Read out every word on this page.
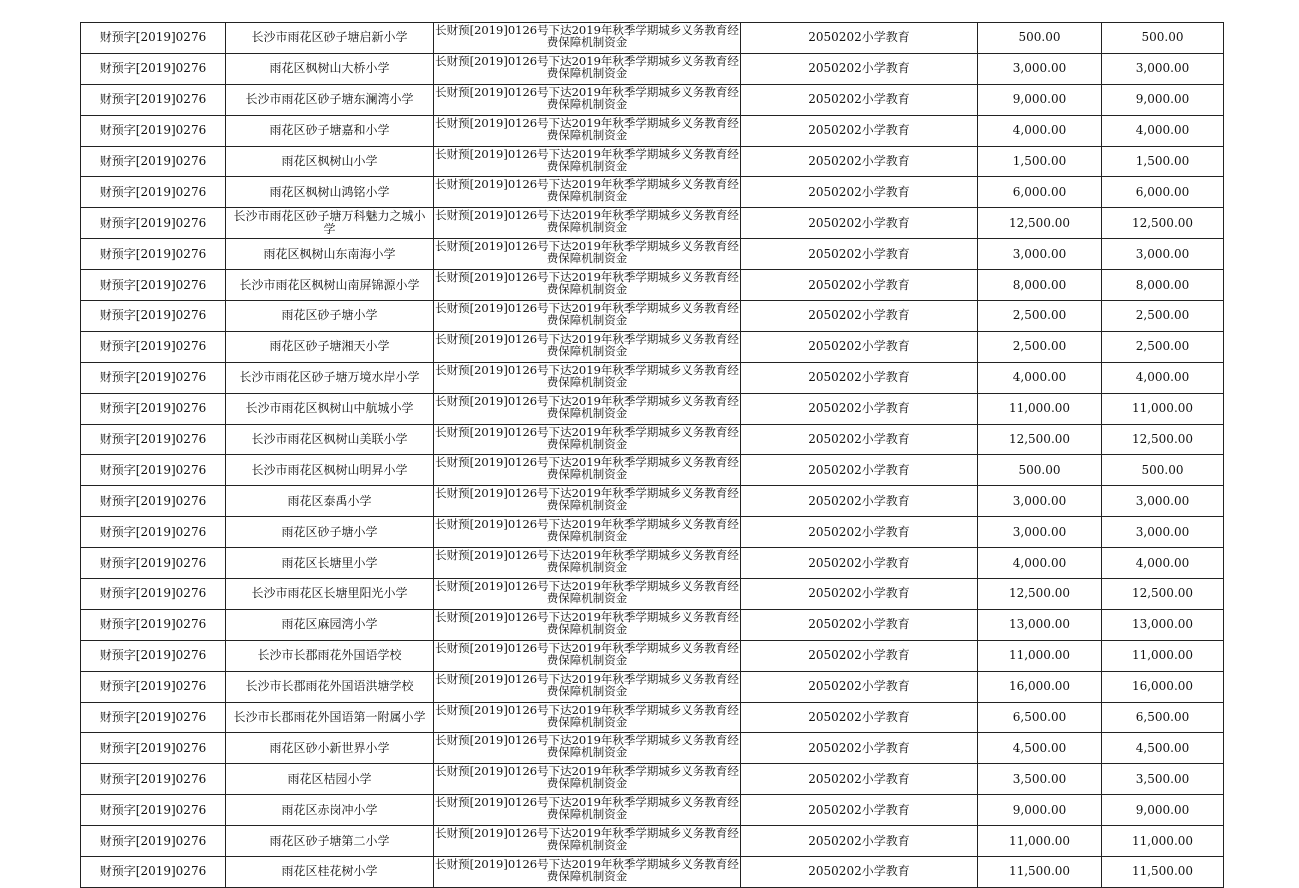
财预字[2019]0276	长沙市雨花区砂子塘启新小学	长财预[2019]0126号下达2019年秋季学期城乡义务教育经费保障机制资金	2050202小学教育	500.00	500.00
财预字[2019]0276	雨花区枫树山大桥小学	长财预[2019]0126号下达2019年秋季学期城乡义务教育经费保障机制资金	2050202小学教育	3,000.00	3,000.00
财预字[2019]0276	长沙市雨花区砂子塘东澜湾小学	长财预[2019]0126号下达2019年秋季学期城乡义务教育经费保障机制资金	2050202小学教育	9,000.00	9,000.00
财预字[2019]0276	雨花区砂子塘嘉和小学	长财预[2019]0126号下达2019年秋季学期城乡义务教育经费保障机制资金	2050202小学教育	4,000.00	4,000.00
财预字[2019]0276	雨花区枫树山小学	长财预[2019]0126号下达2019年秋季学期城乡义务教育经费保障机制资金	2050202小学教育	1,500.00	1,500.00
财预字[2019]0276	雨花区枫树山鸿铭小学	长财预[2019]0126号下达2019年秋季学期城乡义务教育经费保障机制资金	2050202小学教育	6,000.00	6,000.00
财预字[2019]0276	长沙市雨花区砂子塘万科魅力之城小学	长财预[2019]0126号下达2019年秋季学期城乡义务教育经费保障机制资金	2050202小学教育	12,500.00	12,500.00
财预字[2019]0276	雨花区枫树山东南海小学	长财预[2019]0126号下达2019年秋季学期城乡义务教育经费保障机制资金	2050202小学教育	3,000.00	3,000.00
财预字[2019]0276	长沙市雨花区枫树山南屏锦源小学	长财预[2019]0126号下达2019年秋季学期城乡义务教育经费保障机制资金	2050202小学教育	8,000.00	8,000.00
财预字[2019]0276	雨花区砂子塘小学	长财预[2019]0126号下达2019年秋季学期城乡义务教育经费保障机制资金	2050202小学教育	2,500.00	2,500.00
财预字[2019]0276	雨花区砂子塘湘天小学	长财预[2019]0126号下达2019年秋季学期城乡义务教育经费保障机制资金	2050202小学教育	2,500.00	2,500.00
财预字[2019]0276	长沙市雨花区砂子塘万境水岸小学	长财预[2019]0126号下达2019年秋季学期城乡义务教育经费保障机制资金	2050202小学教育	4,000.00	4,000.00
财预字[2019]0276	长沙市雨花区枫树山中航城小学	长财预[2019]0126号下达2019年秋季学期城乡义务教育经费保障机制资金	2050202小学教育	11,000.00	11,000.00
财预字[2019]0276	长沙市雨花区枫树山美联小学	长财预[2019]0126号下达2019年秋季学期城乡义务教育经费保障机制资金	2050202小学教育	12,500.00	12,500.00
财预字[2019]0276	长沙市雨花区枫树山明昇小学	长财预[2019]0126号下达2019年秋季学期城乡义务教育经费保障机制资金	2050202小学教育	500.00	500.00
财预字[2019]0276	雨花区泰禹小学	长财预[2019]0126号下达2019年秋季学期城乡义务教育经费保障机制资金	2050202小学教育	3,000.00	3,000.00
财预字[2019]0276	雨花区砂子塘小学	长财预[2019]0126号下达2019年秋季学期城乡义务教育经费保障机制资金	2050202小学教育	3,000.00	3,000.00
财预字[2019]0276	雨花区长塘里小学	长财预[2019]0126号下达2019年秋季学期城乡义务教育经费保障机制资金	2050202小学教育	4,000.00	4,000.00
财预字[2019]0276	长沙市雨花区长塘里阳光小学	长财预[2019]0126号下达2019年秋季学期城乡义务教育经费保障机制资金	2050202小学教育	12,500.00	12,500.00
财预字[2019]0276	雨花区麻园湾小学	长财预[2019]0126号下达2019年秋季学期城乡义务教育经费保障机制资金	2050202小学教育	13,000.00	13,000.00
财预字[2019]0276	长沙市长郡雨花外国语学校	长财预[2019]0126号下达2019年秋季学期城乡义务教育经费保障机制资金	2050202小学教育	11,000.00	11,000.00
财预字[2019]0276	长沙市长郡雨花外国语洪塘学校	长财预[2019]0126号下达2019年秋季学期城乡义务教育经费保障机制资金	2050202小学教育	16,000.00	16,000.00
财预字[2019]0276	长沙市长郡雨花外国语第一附属小学	长财预[2019]0126号下达2019年秋季学期城乡义务教育经费保障机制资金	2050202小学教育	6,500.00	6,500.00
财预字[2019]0276	雨花区砂小新世界小学	长财预[2019]0126号下达2019年秋季学期城乡义务教育经费保障机制资金	2050202小学教育	4,500.00	4,500.00
财预字[2019]0276	雨花区桔园小学	长财预[2019]0126号下达2019年秋季学期城乡义务教育经费保障机制资金	2050202小学教育	3,500.00	3,500.00
财预字[2019]0276	雨花区赤岗冲小学	长财预[2019]0126号下达2019年秋季学期城乡义务教育经费保障机制资金	2050202小学教育	9,000.00	9,000.00
财预字[2019]0276	雨花区砂子塘第二小学	长财预[2019]0126号下达2019年秋季学期城乡义务教育经费保障机制资金	2050202小学教育	11,000.00	11,000.00
财预字[2019]0276	雨花区桂花树小学	长财预[2019]0126号下达2019年秋季学期城乡义务教育经费保障机制资金	2050202小学教育	11,500.00	11,500.00
